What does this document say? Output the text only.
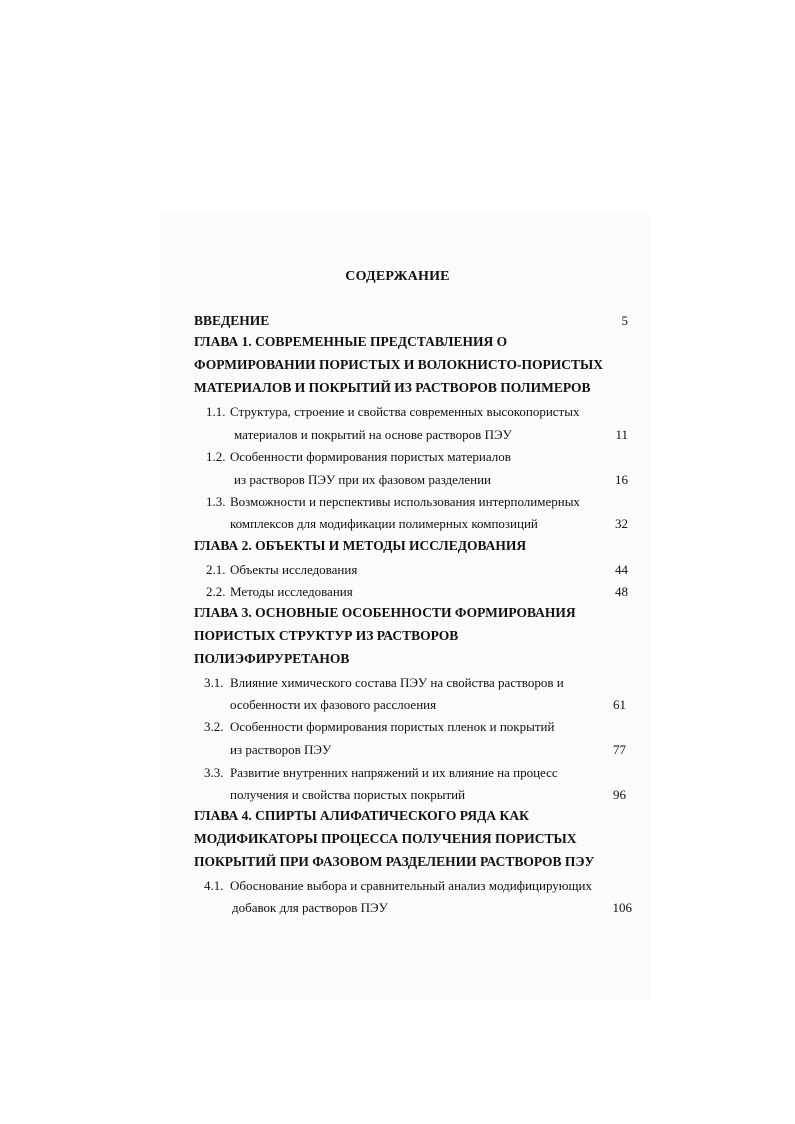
СОДЕРЖАНИЕ
ВВЕДЕНИЕ	5
ГЛАВА 1. СОВРЕМЕННЫЕ ПРЕДСТАВЛЕНИЯ О
ФОРМИРОВАНИИ ПОРИСТЫХ И ВОЛОКНИСТО-ПОРИСТЫХ
МАТЕРИАЛОВ И ПОКРЫТИЙ ИЗ РАСТВОРОВ ПОЛИМЕРОВ
1.1. Структура, строение и свойства современных высокопористых
материалов и покрытий на основе растворов ПЭУ	11
1.2. Особенности формирования пористых материалов
из растворов ПЭУ при их фазовом разделении	16
1.3. Возможности и перспективы использования интерполимерных
комплексов для модификации полимерных композиций	32
ГЛАВА 2. ОБЪЕКТЫ И МЕТОДЫ ИССЛЕДОВАНИЯ
2.1. Объекты исследования	44
2.2. Методы исследования	48
ГЛАВА 3. ОСНОВНЫЕ ОСОБЕННОСТИ ФОРМИРОВАНИЯ
ПОРИСТЫХ СТРУКТУР ИЗ РАСТВОРОВ
ПОЛИЭФИРУРЕТАНОВ
3.1. Влияние химического состава ПЭУ на свойства растворов и
особенности их фазового расслоения	61
3.2. Особенности формирования пористых пленок и покрытий
из растворов ПЭУ	77
3.3. Развитие внутренних напряжений и их влияние на процесс
получения и свойства пористых покрытий	96
ГЛАВА 4. СПИРТЫ АЛИФАТИЧЕСКОГО РЯДА КАК
МОДИФИКАТОРЫ ПРОЦЕССА ПОЛУЧЕНИЯ ПОРИСТЫХ
ПОКРЫТИЙ ПРИ ФАЗОВОМ РАЗДЕЛЕНИИ РАСТВОРОВ ПЭУ
4.1. Обоснование выбора и сравнительный анализ модифицирующих
добавок для растворов ПЭУ	106
